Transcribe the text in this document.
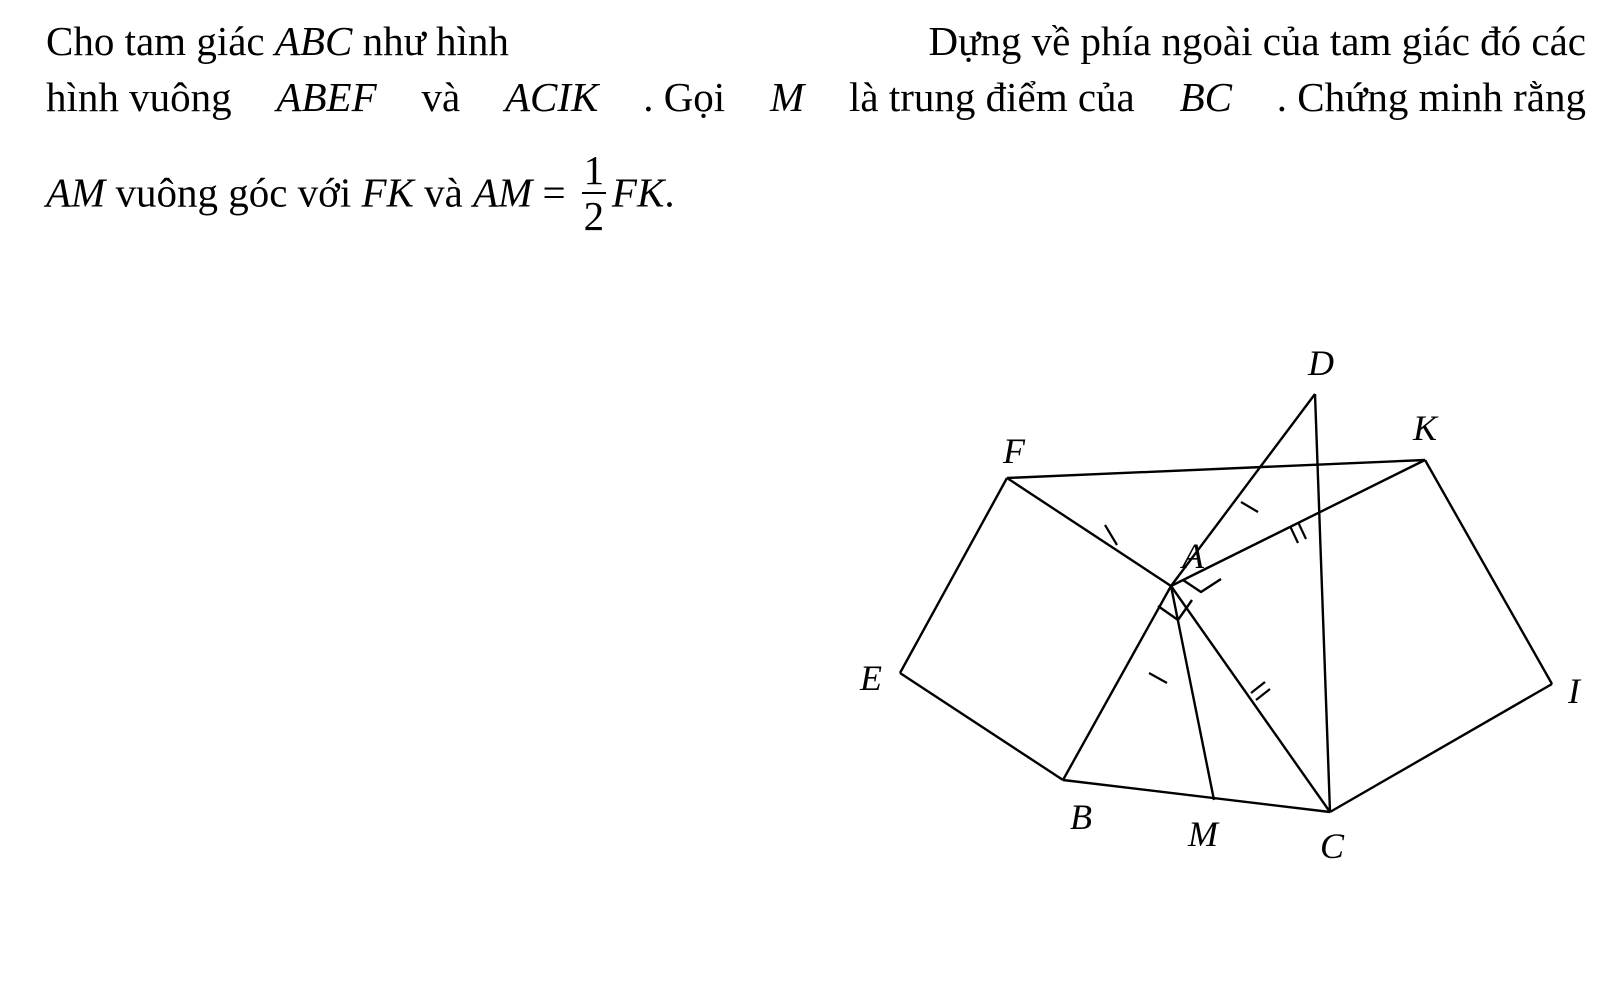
Cho tam giác ABC như hình	Dựng về phía ngoài của tam giác đó các
hình vuông ABEF và ACIK . Gọi M là trung điểm của BC . Chứng minh rằng
AM vuông góc với FK và AM = $\frac{1}{2}$ FK.
A
B
C
D
E
F
I
K
M
